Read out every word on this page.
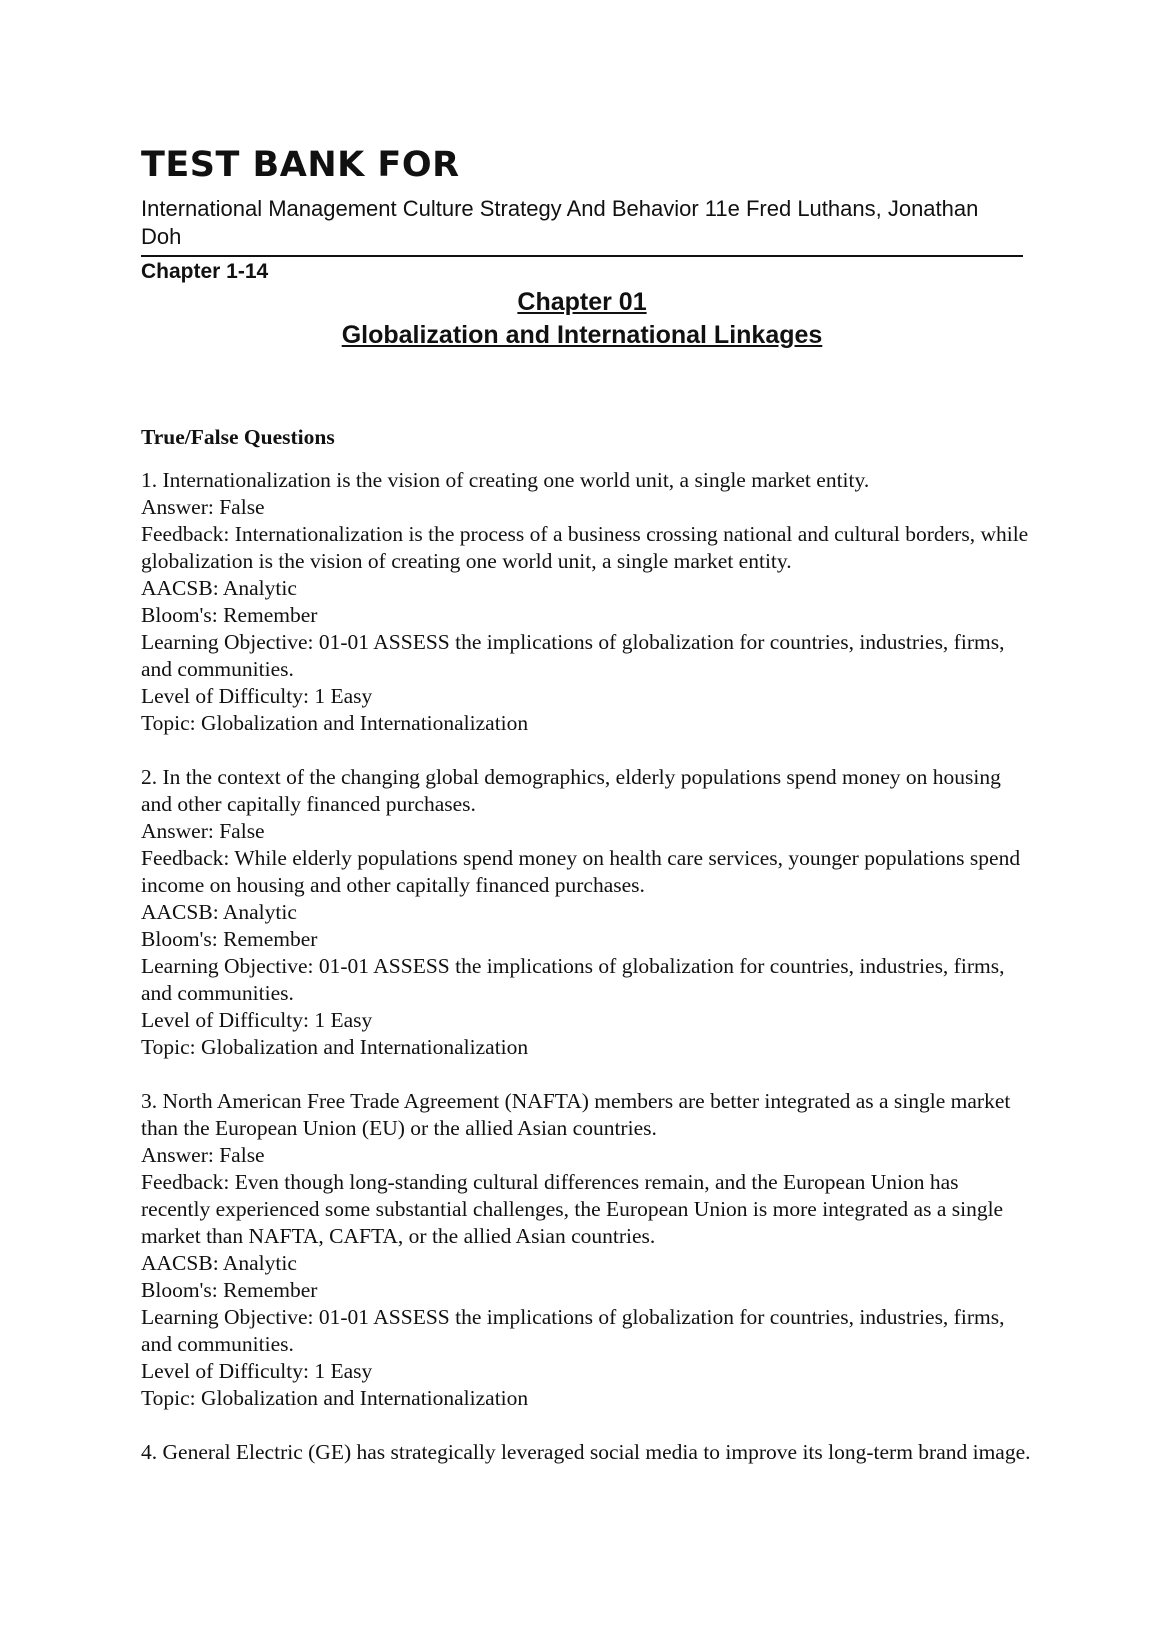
TEST BANK FOR
International Management Culture Strategy And Behavior 11e Fred Luthans, Jonathan Doh
Chapter 1-14
Chapter 01
Globalization and International Linkages
True/False Questions
1. Internationalization is the vision of creating one world unit, a single market entity.
Answer: False
Feedback: Internationalization is the process of a business crossing national and cultural borders, while globalization is the vision of creating one world unit, a single market entity.
AACSB: Analytic
Bloom's: Remember
Learning Objective: 01-01 ASSESS the implications of globalization for countries, industries, firms, and communities.
Level of Difficulty: 1 Easy
Topic: Globalization and Internationalization
2. In the context of the changing global demographics, elderly populations spend money on housing and other capitally financed purchases.
Answer: False
Feedback: While elderly populations spend money on health care services, younger populations spend income on housing and other capitally financed purchases.
AACSB: Analytic
Bloom's: Remember
Learning Objective: 01-01 ASSESS the implications of globalization for countries, industries, firms, and communities.
Level of Difficulty: 1 Easy
Topic: Globalization and Internationalization
3. North American Free Trade Agreement (NAFTA) members are better integrated as a single market than the European Union (EU) or the allied Asian countries.
Answer: False
Feedback: Even though long-standing cultural differences remain, and the European Union has recently experienced some substantial challenges, the European Union is more integrated as a single market than NAFTA, CAFTA, or the allied Asian countries.
AACSB: Analytic
Bloom's: Remember
Learning Objective: 01-01 ASSESS the implications of globalization for countries, industries, firms, and communities.
Level of Difficulty: 1 Easy
Topic: Globalization and Internationalization
4. General Electric (GE) has strategically leveraged social media to improve its long-term brand image.
